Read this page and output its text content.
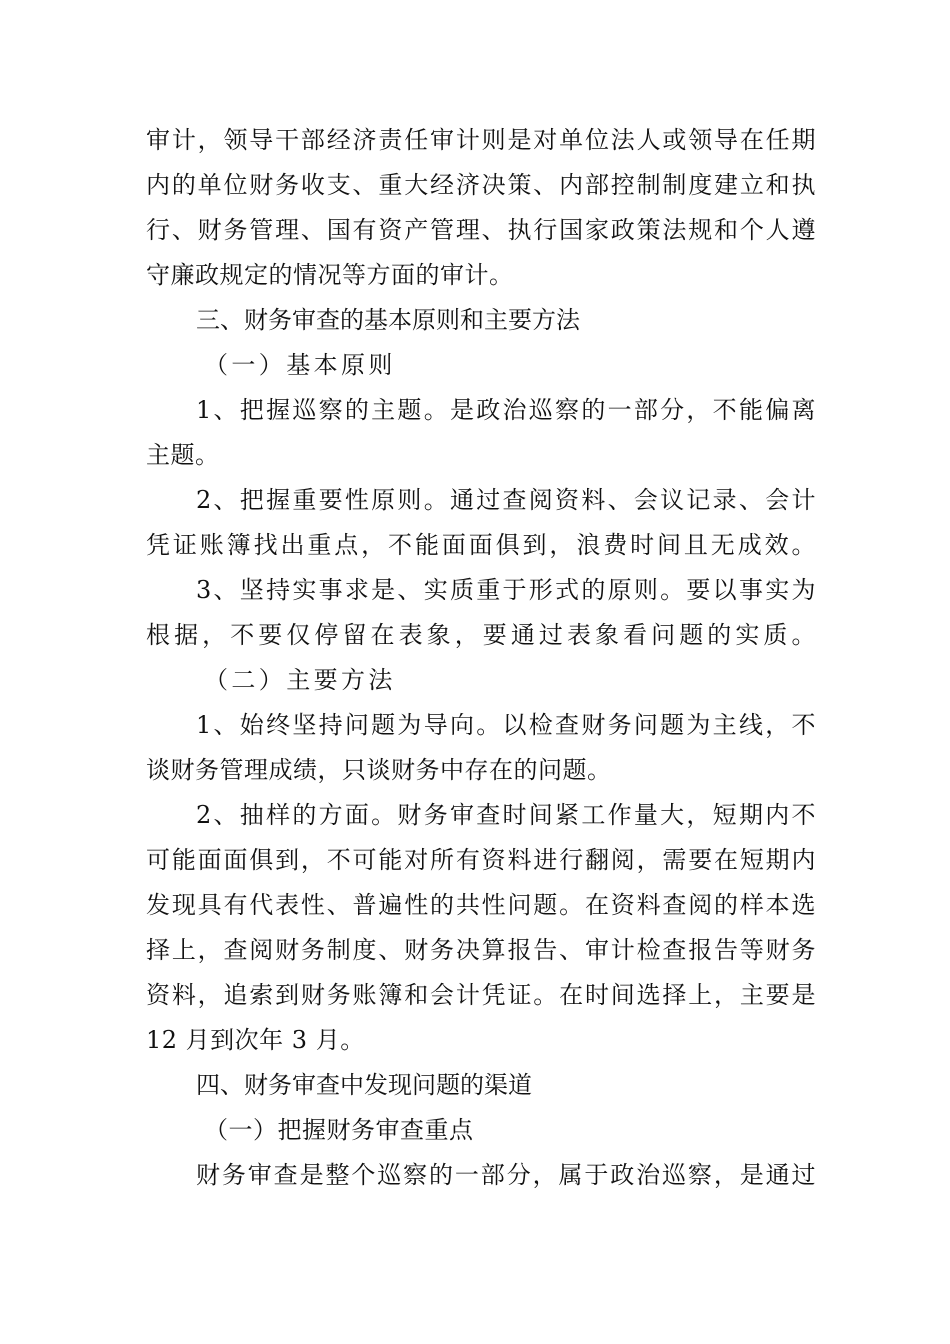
审计，领导干部经济责任审计则是对单位法人或领导在任期
内的单位财务收支、重大经济决策、内部控制制度建立和执
行、财务管理、国有资产管理、执行国家政策法规和个人遵
守廉政规定的情况等方面的审计。
三、财务审查的基本原则和主要方法
（一）基本原则
1、把握巡察的主题。是政治巡察的一部分，不能偏离
主题。
2、把握重要性原则。通过查阅资料、会议记录、会计
凭证账簿找出重点，不能面面俱到，浪费时间且无成效。
3、坚持实事求是、实质重于形式的原则。要以事实为
根据，不要仅停留在表象，要通过表象看问题的实质。
（二）主要方法
1、始终坚持问题为导向。以检查财务问题为主线，不
谈财务管理成绩，只谈财务中存在的问题。
2、抽样的方面。财务审查时间紧工作量大，短期内不
可能面面俱到，不可能对所有资料进行翻阅，需要在短期内
发现具有代表性、普遍性的共性问题。在资料查阅的样本选
择上，查阅财务制度、财务决算报告、审计检查报告等财务
资料，追索到财务账簿和会计凭证。在时间选择上，主要是
12 月到次年 3 月。
四、财务审查中发现问题的渠道
（一）把握财务审查重点
财务审查是整个巡察的一部分，属于政治巡察，是通过
